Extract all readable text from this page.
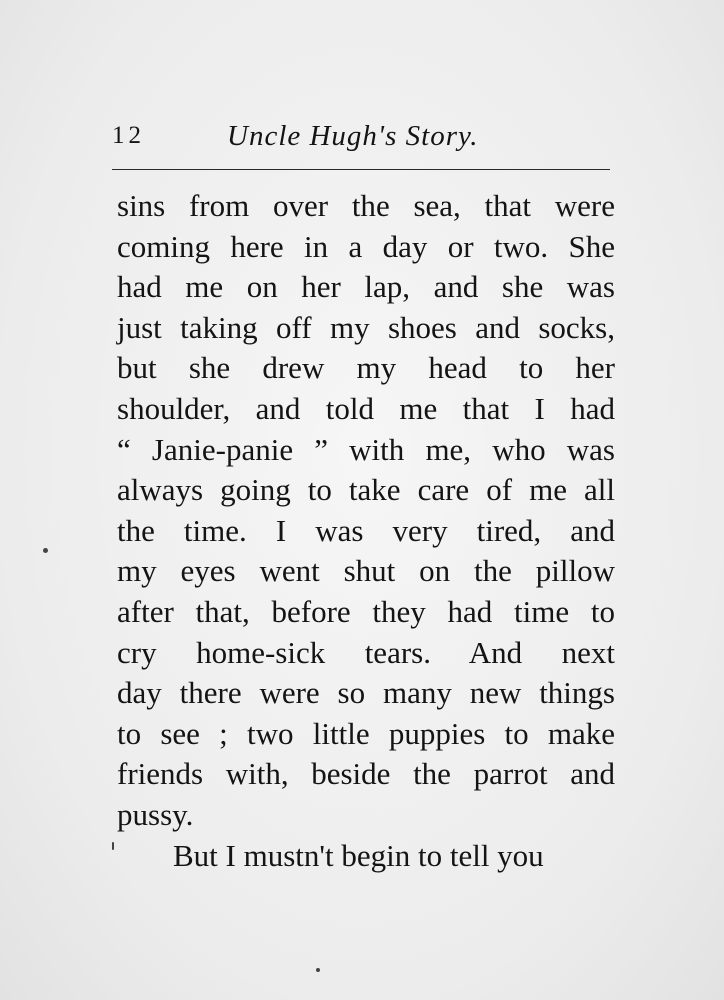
12	Uncle Hugh's Story.
sins from over the sea, that were
coming here in a day or two. She
had me on her lap, and she was
just taking off my shoes and socks,
but she drew my head to her
shoulder, and told me that I had
“ Janie-panie ” with me, who was
always going to take care of me all
the time. I was very tired, and
my eyes went shut on the pillow
after that, before they had time to
cry home-sick tears. And next
day there were so many new things
to see ; two little puppies to make
friends with, beside the parrot and
pussy.
But I mustn't begin to tell you
